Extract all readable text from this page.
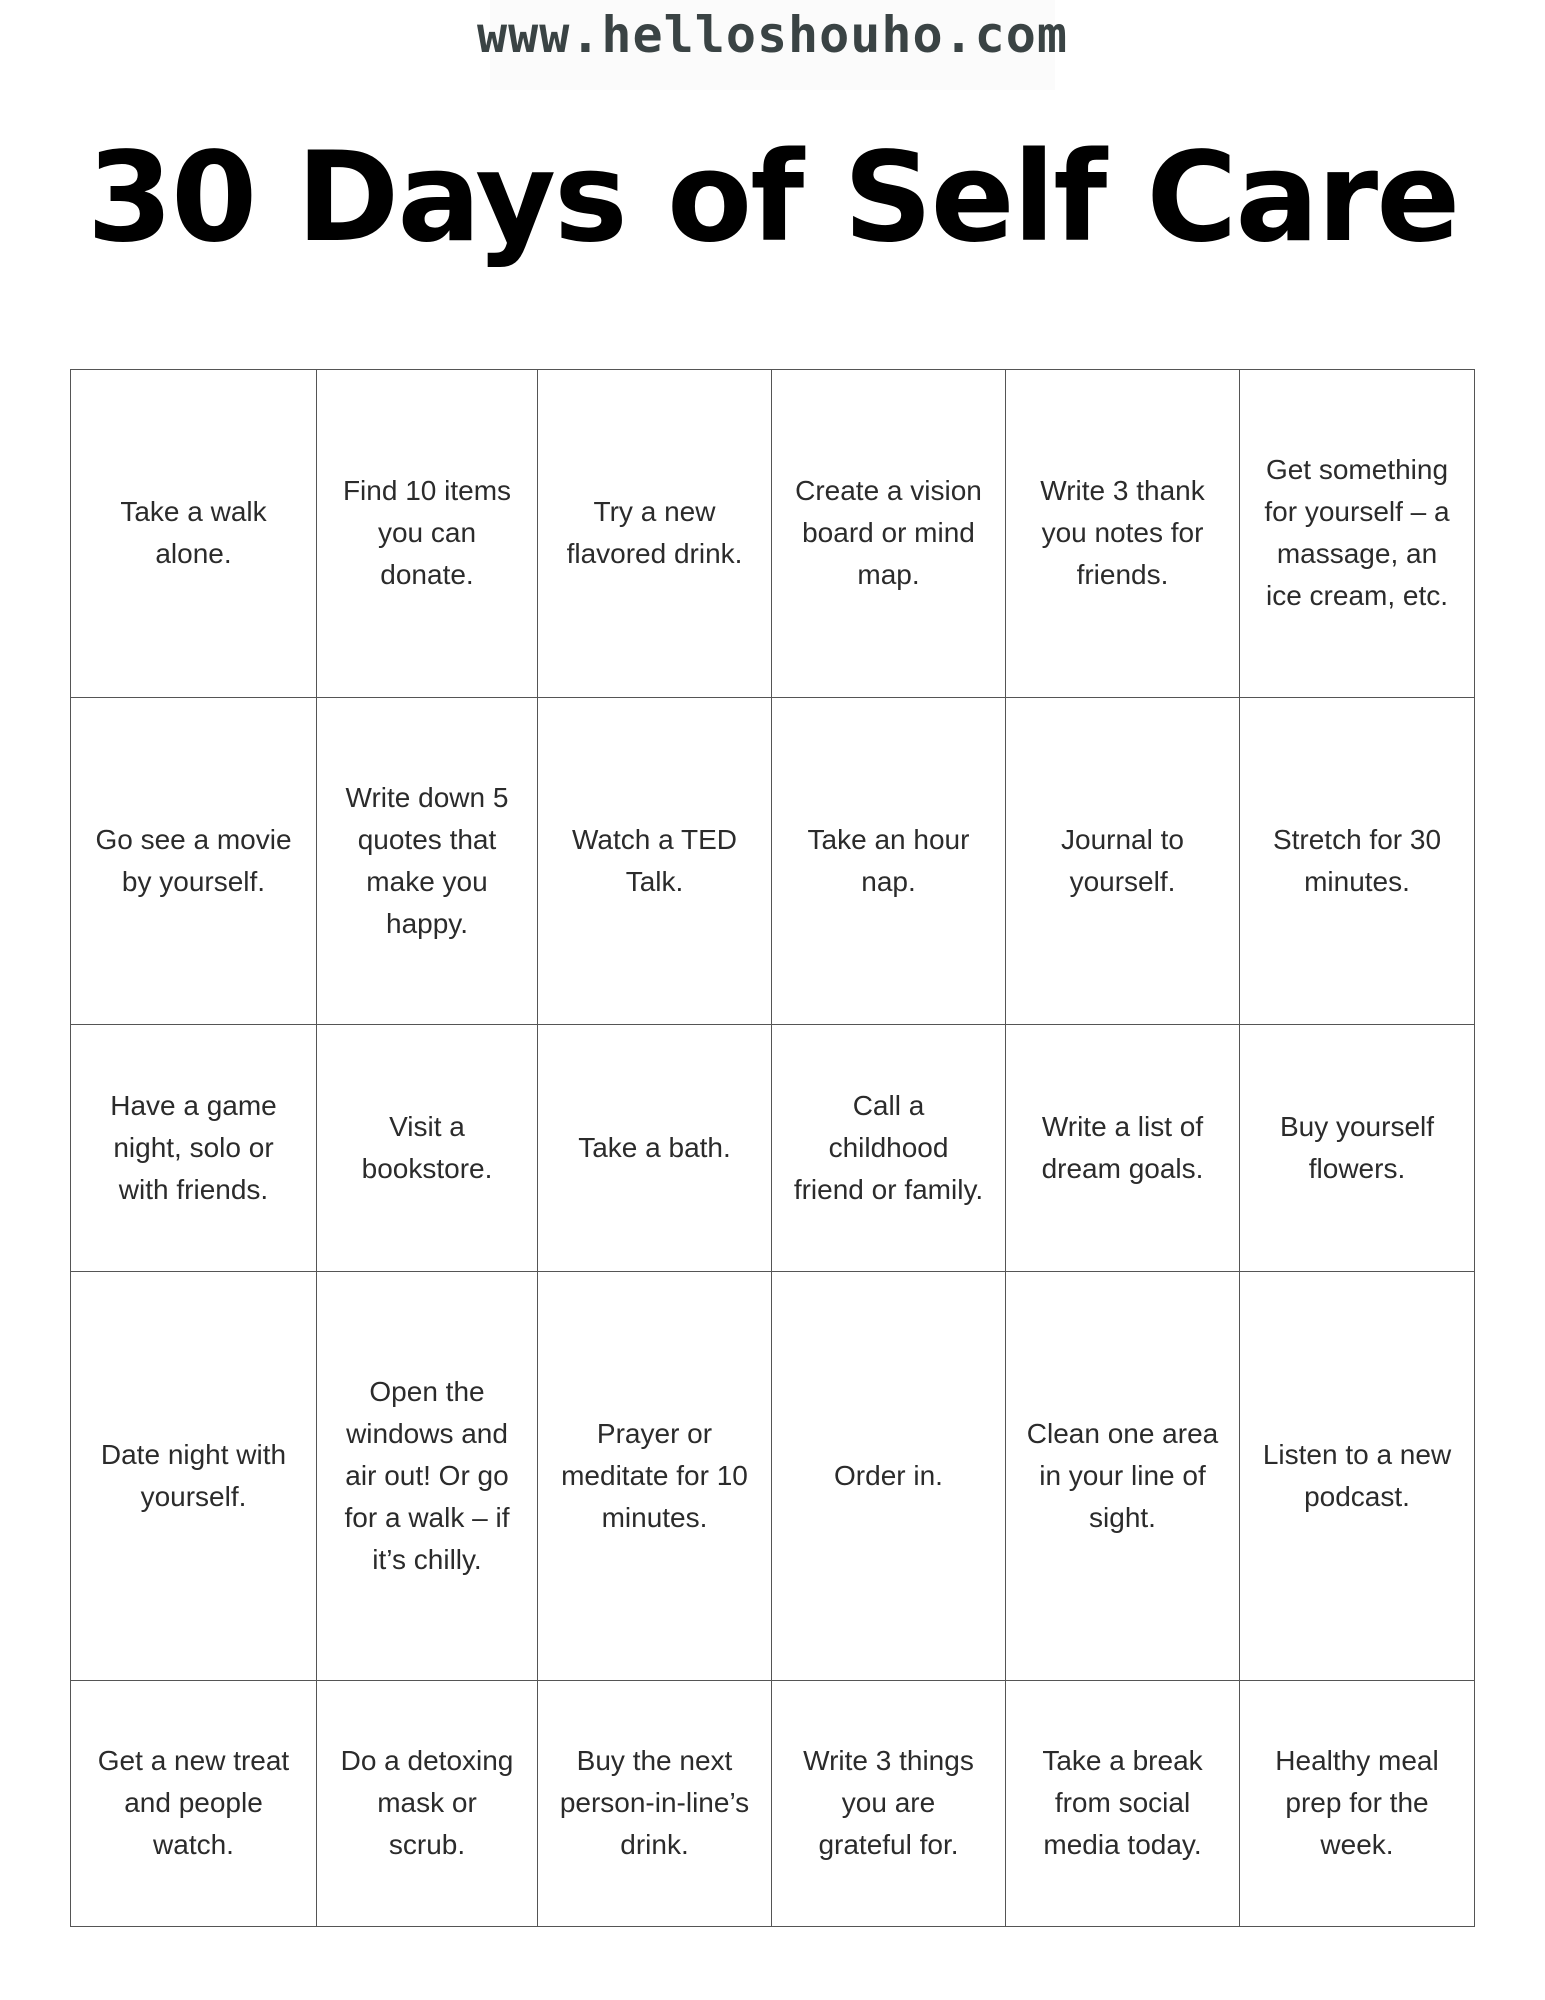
www.helloshouho.com
30 Days of Self Care
Take a walk alone.	Find 10 items you can donate.	Try a new flavored drink.	Create a vision board or mind map.	Write 3 thank you notes for friends.	Get something for yourself – a massage, an ice cream, etc.
Go see a movie by yourself.	Write down 5 quotes that make you happy.	Watch a TED Talk.	Take an hour nap.	Journal to yourself.	Stretch for 30 minutes.
Have a game night, solo or with friends.	Visit a bookstore.	Take a bath.	Call a childhood friend or family.	Write a list of dream goals.	Buy yourself flowers.
Date night with yourself.	Open the windows and air out! Or go for a walk – if it’s chilly.	Prayer or meditate for 10 minutes.	Order in.	Clean one area in your line of sight.	Listen to a new podcast.
Get a new treat and people watch.	Do a detoxing mask or scrub.	Buy the next person-in-line’s drink.	Write 3 things you are grateful for.	Take a break from social media today.	Healthy meal prep for the week.
